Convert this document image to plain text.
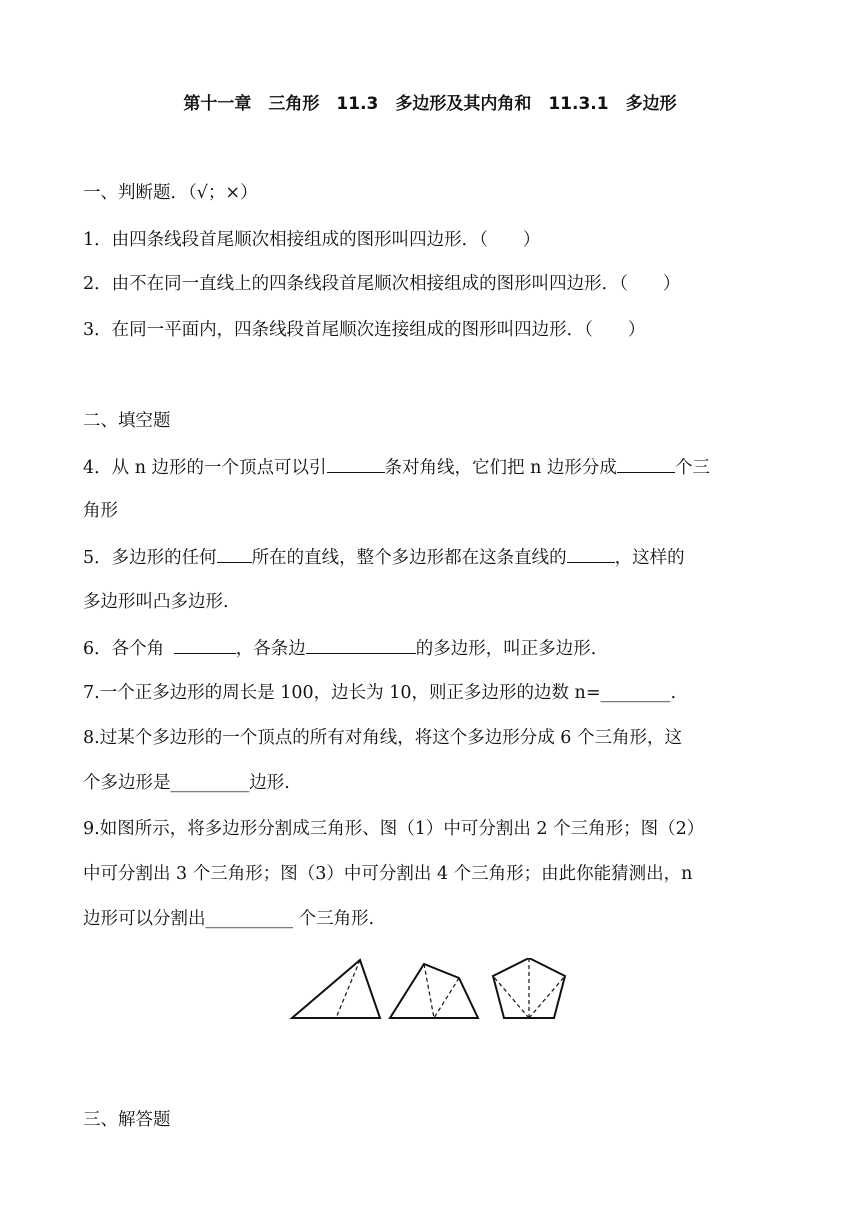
第十一章　三角形　11.3　多边形及其内角和　11.3.1　多边形
一、判断题．（√；×）
1．由四条线段首尾顺次相接组成的图形叫四边形．（　　）
2．由不在同一直线上的四条线段首尾顺次相接组成的图形叫四边形．（　　）
3．在同一平面内，四条线段首尾顺次连接组成的图形叫四边形．（　　）
二、填空题
4．从 n 边形的一个顶点可以引	条对角线，它们把 n 边形分成	个三
角形
5．多边形的任何 所在的直线，整个多边形都在这条直线的	，这样的
多边形叫凸多边形.
6．各个角	，各条边	的多边形，叫正多边形．
7.一个正多边形的周长是 100，边长为 10，则正多边形的边数 n=________.
8.过某个多边形的一个顶点的所有对角线，将这个多边形分成 6 个三角形，这
个多边形是_________边形.
9.如图所示，将多边形分割成三角形、图（1）中可分割出 2 个三角形；图（2）
中可分割出 3 个三角形；图（3）中可分割出 4 个三角形；由此你能猜测出，n
边形可以分割出__________ 个三角形.
三、解答题
